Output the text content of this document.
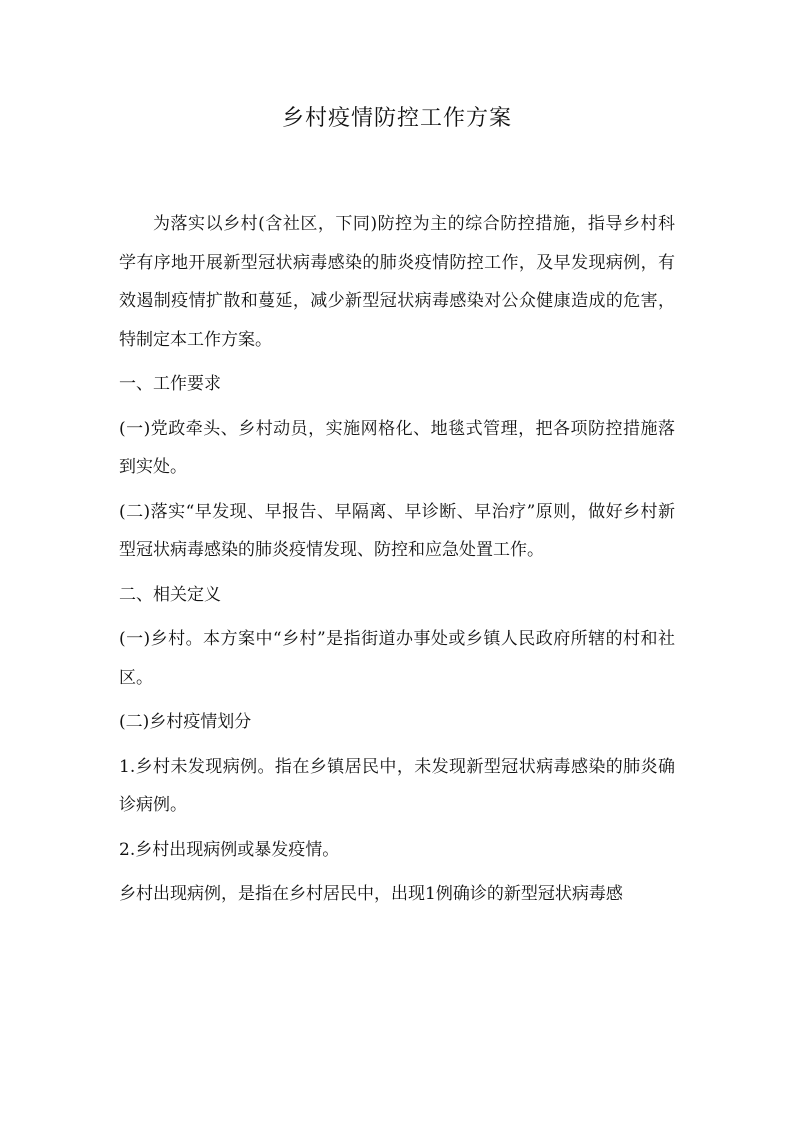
乡村疫情防控工作方案

为落实以乡村(含社区，下同)防控为主的综合防控措施，指导乡村科学有序地开展新型冠状病毒感染的肺炎疫情防控工作，及早发现病例，有效遏制疫情扩散和蔓延，减少新型冠状病毒感染对公众健康造成的危害，特制定本工作方案。

一、工作要求

(一)党政牵头、乡村动员，实施网格化、地毯式管理，把各项防控措施落到实处。

(二)落实“早发现、早报告、早隔离、早诊断、早治疗”原则，做好乡村新型冠状病毒感染的肺炎疫情发现、防控和应急处置工作。

二、相关定义

(一)乡村。本方案中“乡村”是指街道办事处或乡镇人民政府所辖的村和社区。

(二)乡村疫情划分

1.乡村未发现病例。指在乡镇居民中，未发现新型冠状病毒感染的肺炎确诊病例。

2.乡村出现病例或暴发疫情。

乡村出现病例，是指在乡村居民中，出现1例确诊的新型冠状病毒感
